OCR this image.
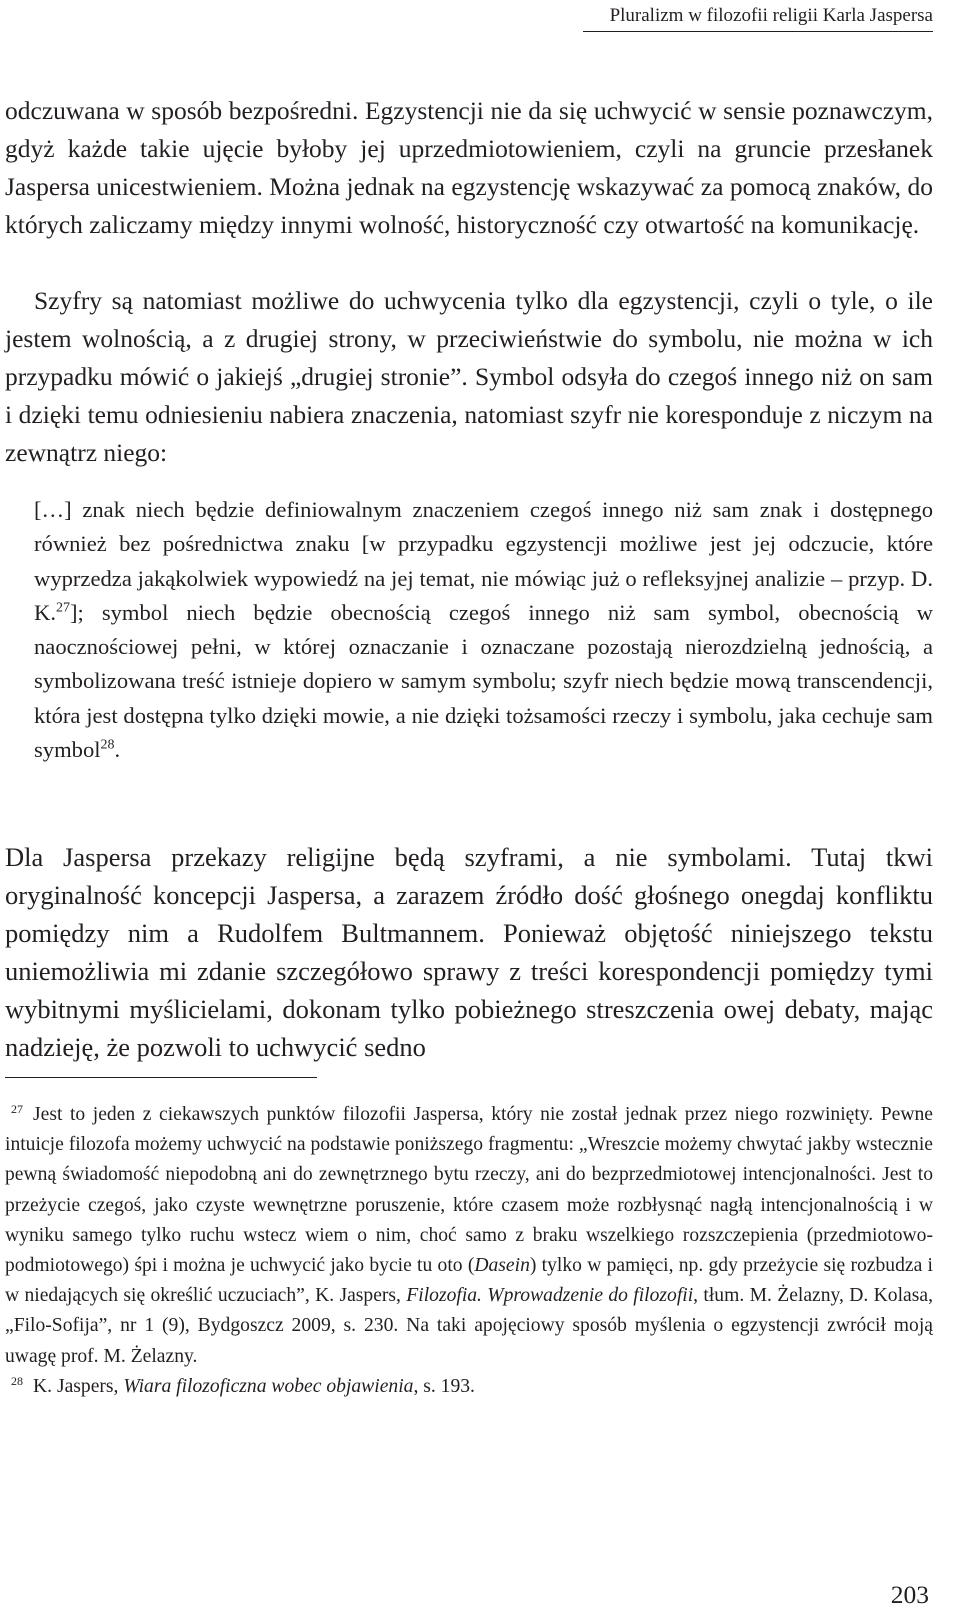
Pluralizm w filozofii religii Karla Jaspersa

odczuwana w sposób bezpośredni. Egzystencji nie da się uchwycić w sensie poznawczym, gdyż każde takie ujęcie byłoby jej uprzedmiotowieniem, czyli na gruncie przesłanek Jaspersa unicestwieniem. Można jednak na egzystencję wskazywać za pomocą znaków, do których zaliczamy między innymi wolność, historyczność czy otwartość na komunikację.

Szyfry są natomiast możliwe do uchwycenia tylko dla egzystencji, czyli o tyle, o ile jestem wolnością, a z drugiej strony, w przeciwieństwie do symbolu, nie można w ich przypadku mówić o jakiejś „drugiej stronie”. Symbol odsyła do czegoś innego niż on sam i dzięki temu odniesieniu nabiera znaczenia, natomiast szyfr nie koresponduje z niczym na zewnątrz niego:

[…] znak niech będzie definiowalnym znaczeniem czegoś innego niż sam znak i dostępnego również bez pośrednictwa znaku [w przypadku egzystencji możliwe jest jej odczucie, które wyprzedza jakąkolwiek wypowiedź na jej temat, nie mówiąc już o refleksyjnej analizie – przyp. D. K.$^{27}$]; symbol niech będzie obecnością czegoś innego niż sam symbol, obecnością w naocznościowej pełni, w której oznaczanie i oznaczane pozostają nierozdzielną jednością, a symbolizowana treść istnieje dopiero w samym symbolu; szyfr niech będzie mową transcendencji, która jest dostępna tylko dzięki mowie, a nie dzięki tożsamości rzeczy i symbolu, jaka cechuje sam symbol$^{28}$.

Dla Jaspersa przekazy religijne będą szyframi, a nie symbolami. Tutaj tkwi oryginalność koncepcji Jaspersa, a zarazem źródło dość głośnego onegdaj konfliktu pomiędzy nim a Rudolfem Bultmannem. Ponieważ objętość niniejszego tekstu uniemożliwia mi zdanie szczegółowo sprawy z treści korespondencji pomiędzy tymi wybitnymi myślicielami, dokonam tylko pobieżnego streszczenia owej debaty, mając nadzieję, że pozwoli to uchwycić sedno

$^{27}$ Jest to jeden z ciekawszych punktów filozofii Jaspersa, który nie został jednak przez niego rozwinięty. Pewne intuicje filozofa możemy uchwycić na podstawie poniższego fragmentu: „Wreszcie możemy chwytać jakby wstecznie pewną świadomość niepodobną ani do zewnętrznego bytu rzeczy, ani do bezprzedmiotowej intencjonalności. Jest to przeżycie czegoś, jako czyste wewnętrzne poruszenie, które czasem może rozbłysnąć nagłą intencjonalnością i w wyniku samego tylko ruchu wstecz wiem o nim, choć samo z braku wszelkiego rozszczepienia (przedmiotowo-podmiotowego) śpi i można je uchwycić jako bycie tu oto (Dasein) tylko w pamięci, np. gdy przeżycie się rozbudza i w niedających się określić uczuciach”, K. Jaspers, Filozofia. Wprowadzenie do filozofii, tłum. M. Żelazny, D. Kolasa, „Filo-Sofija”, nr 1 (9), Bydgoszcz 2009, s. 230. Na taki apojęciowy sposób myślenia o egzystencji zwrócił moją uwagę prof. M. Żelazny.

$^{28}$ K. Jaspers, Wiara filozoficzna wobec objawienia, s. 193.

203
